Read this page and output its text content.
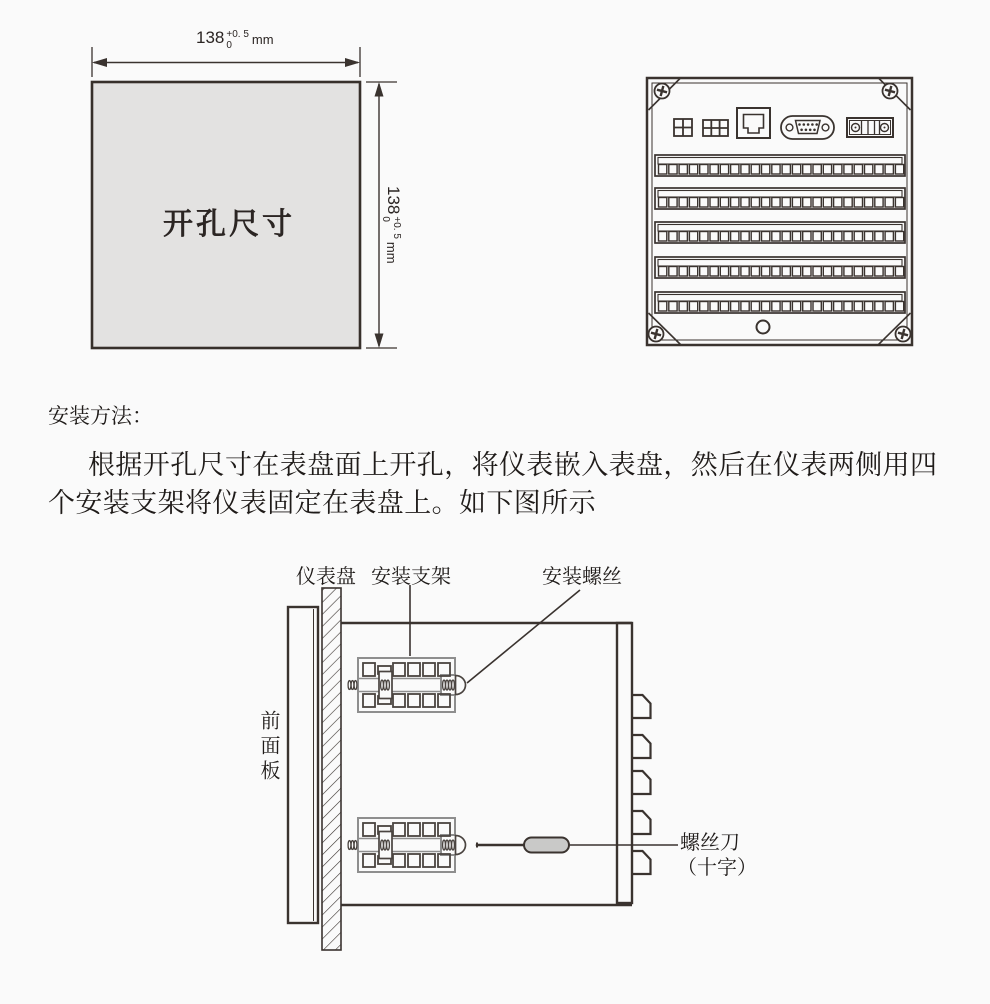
138 +0. 5
0	mm
开孔尺寸
138
+0. 5
0
mm
安装方法：
根据开孔尺寸在表盘面上开孔，将仪表嵌入表盘，然后在仪表两侧用四
个安装支架将仪表固定在表盘上。如下图所示
仪表盘 安装支架	安装螺丝
前面板
螺丝刀
（十字）
